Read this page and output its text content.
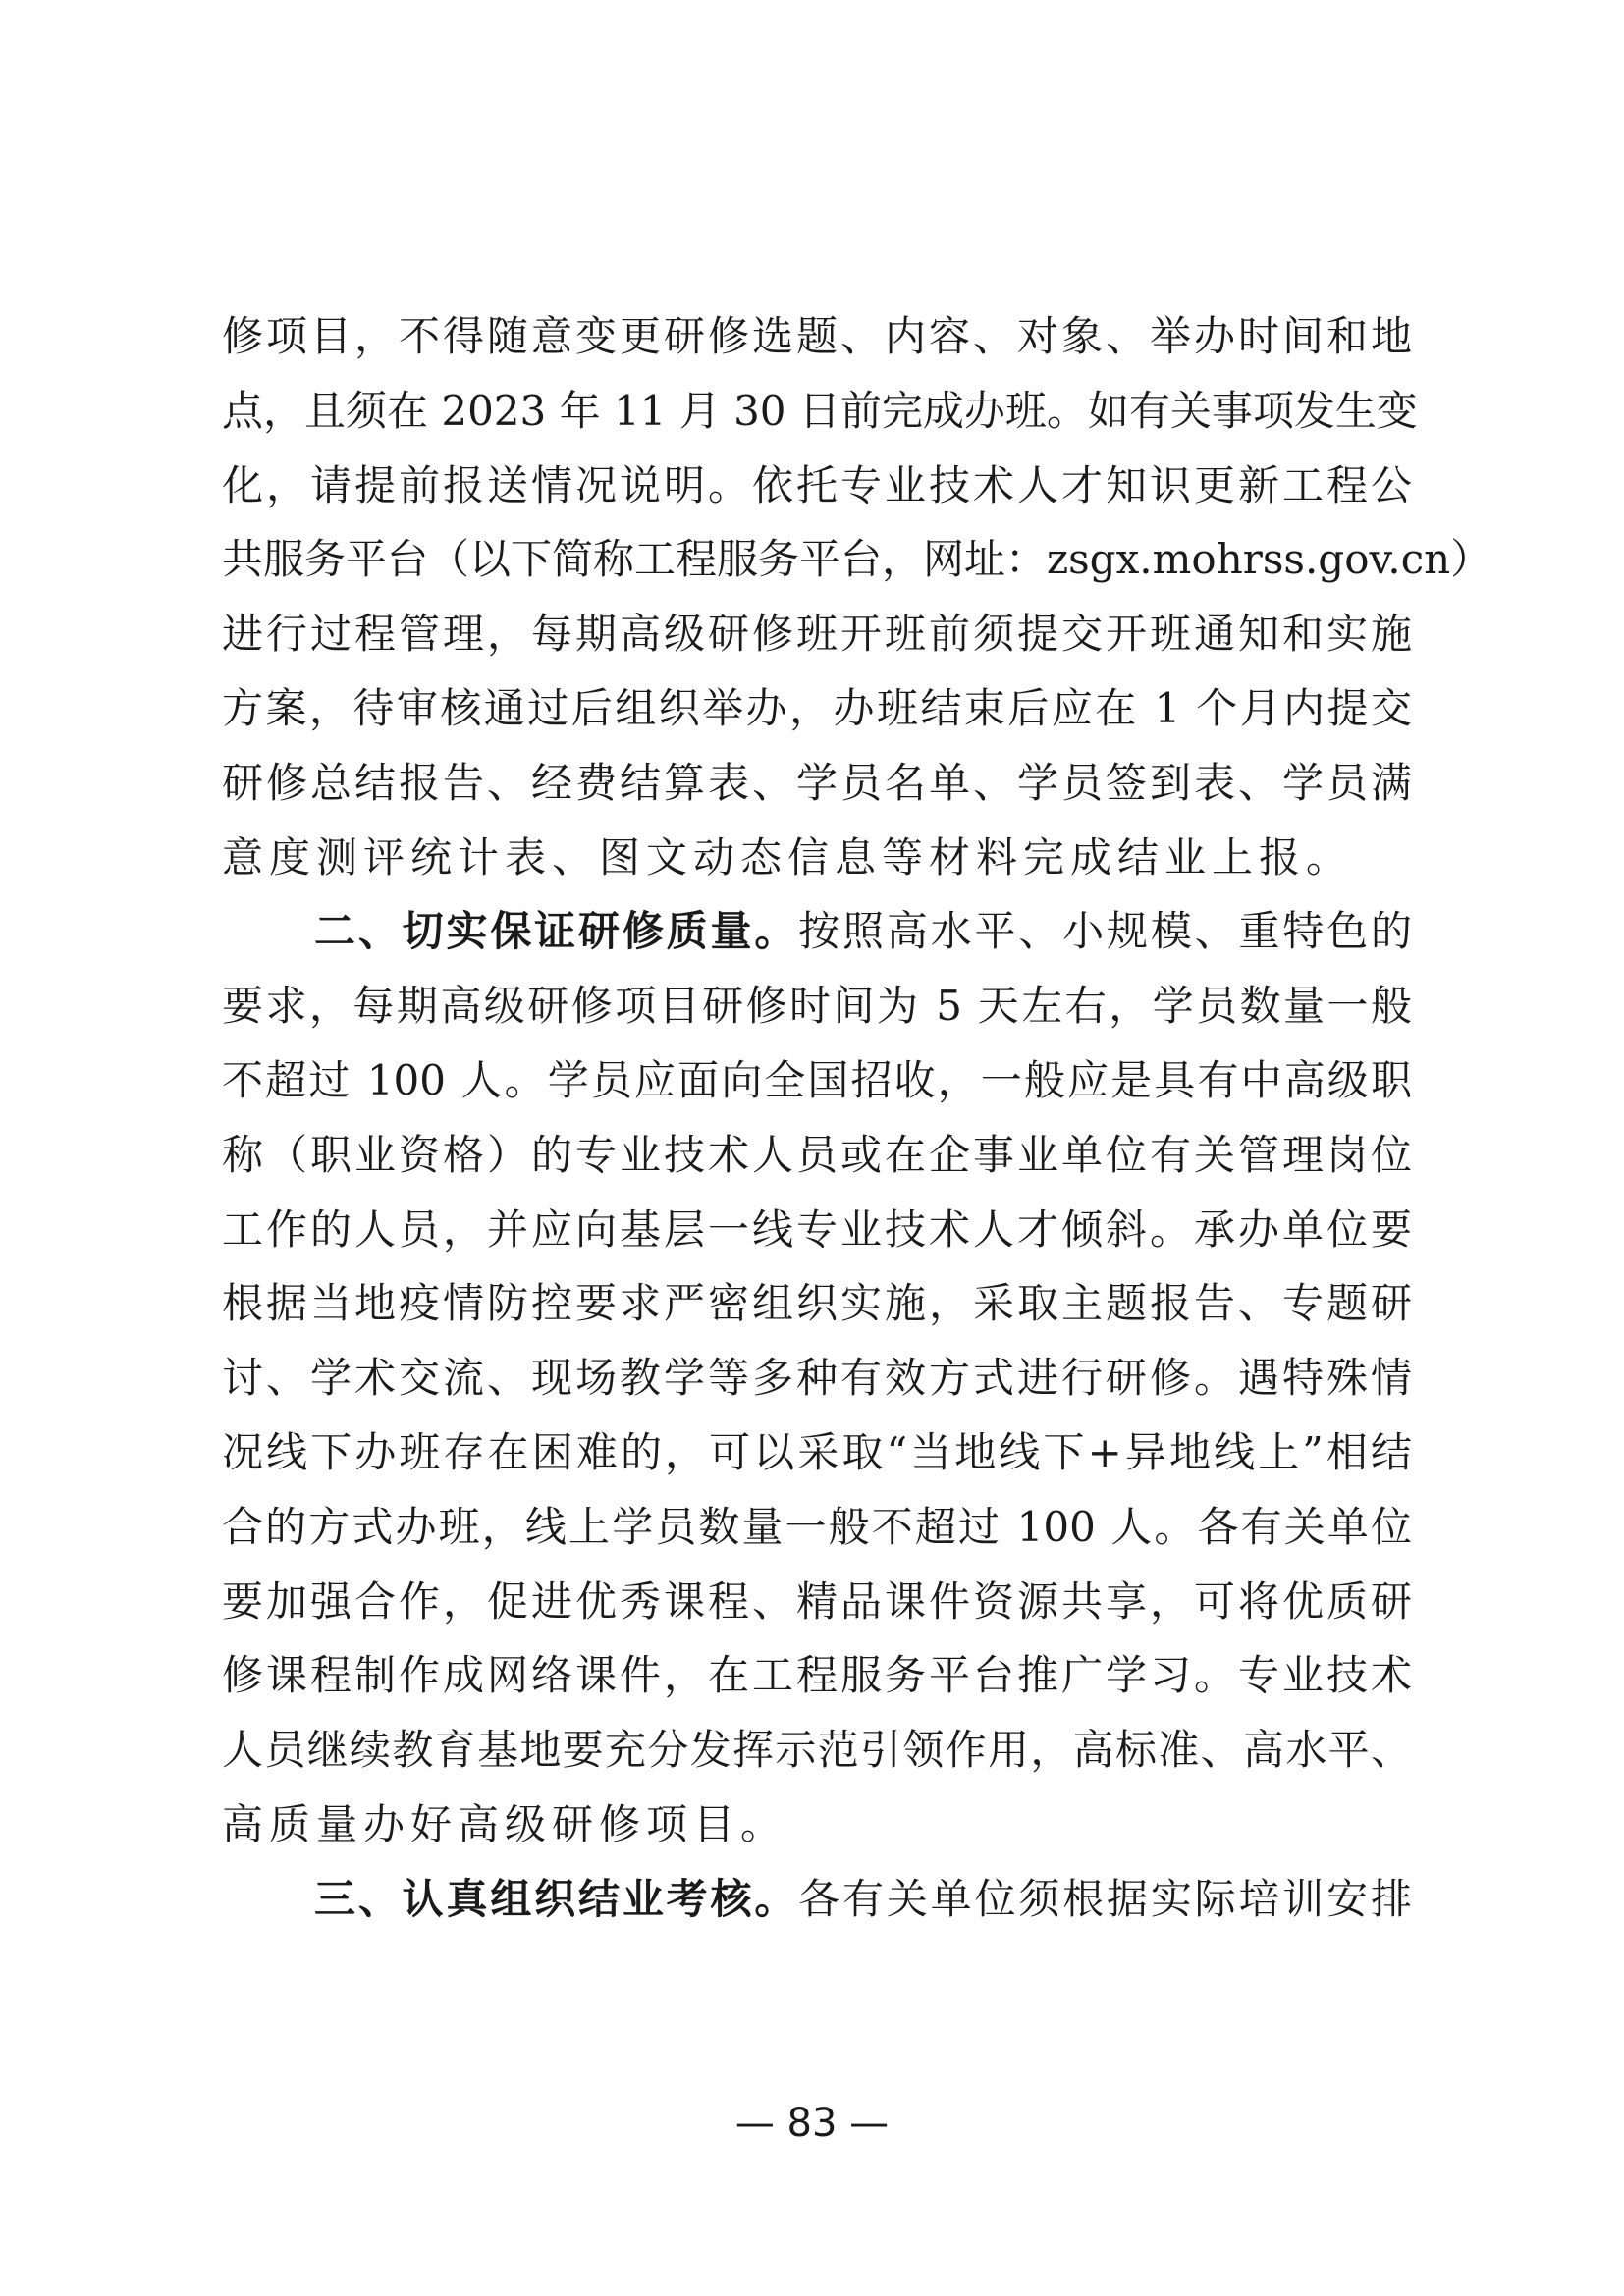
修项目，不得随意变更研修选题、内容、对象、举办时间和地
点，且须在 2023 年 11 月 30 日前完成办班。如有关事项发生变
化，请提前报送情况说明。依托专业技术人才知识更新工程公
共服务平台（以下简称工程服务平台，网址：zsgx.mohrss.gov.cn）
进行过程管理，每期高级研修班开班前须提交开班通知和实施
方案，待审核通过后组织举办，办班结束后应在 1 个月内提交
研修总结报告、经费结算表、学员名单、学员签到表、学员满
意度测评统计表、图文动态信息等材料完成结业上报。
二、切实保证研修质量。按照高水平、小规模、重特色的
要求，每期高级研修项目研修时间为 5 天左右，学员数量一般
不超过 100 人。学员应面向全国招收，一般应是具有中高级职
称（职业资格）的专业技术人员或在企事业单位有关管理岗位
工作的人员，并应向基层一线专业技术人才倾斜。承办单位要
根据当地疫情防控要求严密组织实施，采取主题报告、专题研
讨、学术交流、现场教学等多种有效方式进行研修。遇特殊情
况线下办班存在困难的，可以采取“当地线下+异地线上”相结
合的方式办班，线上学员数量一般不超过 100 人。各有关单位
要加强合作，促进优秀课程、精品课件资源共享，可将优质研
修课程制作成网络课件，在工程服务平台推广学习。专业技术
人员继续教育基地要充分发挥示范引领作用，高标准、高水平、
高质量办好高级研修项目。
三、认真组织结业考核。各有关单位须根据实际培训安排
— 83 —
